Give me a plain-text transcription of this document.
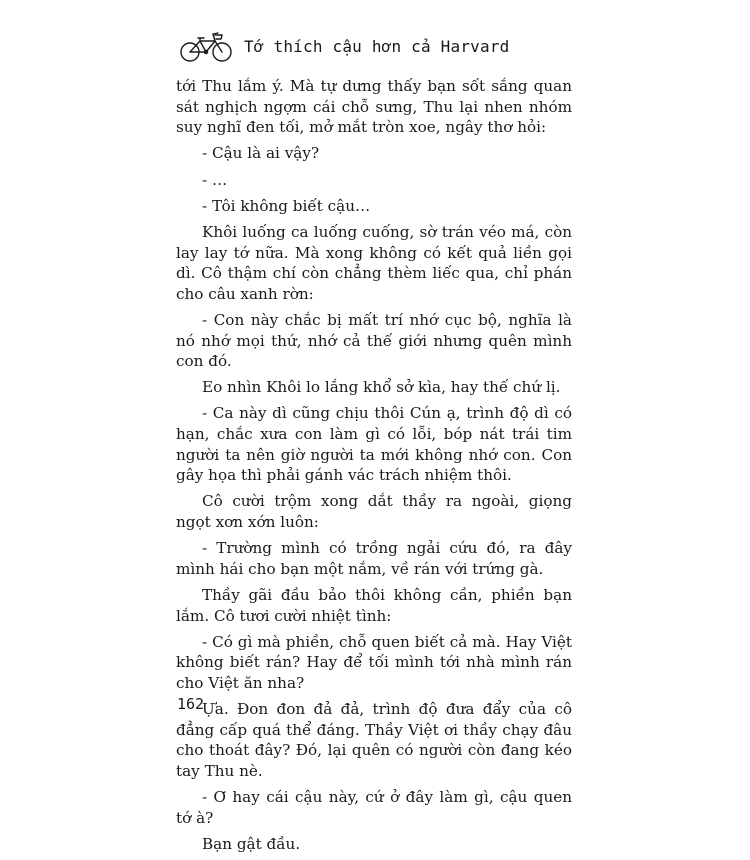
Tớ thích cậu hơn cả Harvard

tới Thu lắm ý. Mà tự dưng thấy bạn sốt sắng quan sát nghịch ngợm cái chỗ sưng, Thu lại nhen nhóm suy nghĩ đen tối, mở mắt tròn xoe, ngây thơ hỏi:

- Cậu là ai vậy?

- …

- Tôi không biết cậu…

Khôi luống ca luống cuống, sờ trán véo má, còn lay lay tớ nữa. Mà xong không có kết quả liền gọi dì. Cô thậm chí còn chẳng thèm liếc qua, chỉ phán cho câu xanh rờn:

- Con này chắc bị mất trí nhớ cục bộ, nghĩa là nó nhớ mọi thứ, nhớ cả thế giới nhưng quên mình con đó.

Eo nhìn Khôi lo lắng khổ sở kìa, hay thế chứ lị.

- Ca này dì cũng chịu thôi Cún ạ, trình độ dì có hạn, chắc xưa con làm gì có lỗi, bóp nát trái tim người ta nên giờ người ta mới không nhớ con. Con gây họa thì phải gánh vác trách nhiệm thôi.

Cô cười trộm xong dắt thầy ra ngoài, giọng ngọt xơn xớn luôn:

- Trường mình có trồng ngải cứu đó, ra đây mình hái cho bạn một nắm, về rán với trứng gà.

Thầy gãi đầu bảo thôi không cần, phiền bạn lắm. Cô tươi cười nhiệt tình:

- Có gì mà phiền, chỗ quen biết cả mà. Hay Việt không biết rán? Hay để tối mình tới nhà mình rán cho Việt ăn nha?

Ựa. Đon đon đả đả, trình độ đưa đẩy của cô đẳng cấp quá thể đáng. Thầy Việt ơi thầy chạy đâu cho thoát đây? Đó, lại quên có người còn đang kéo tay Thu nè.

- Ơ hay cái cậu này, cứ ở đây làm gì, cậu quen tớ à?

Bạn gật đầu.

162
